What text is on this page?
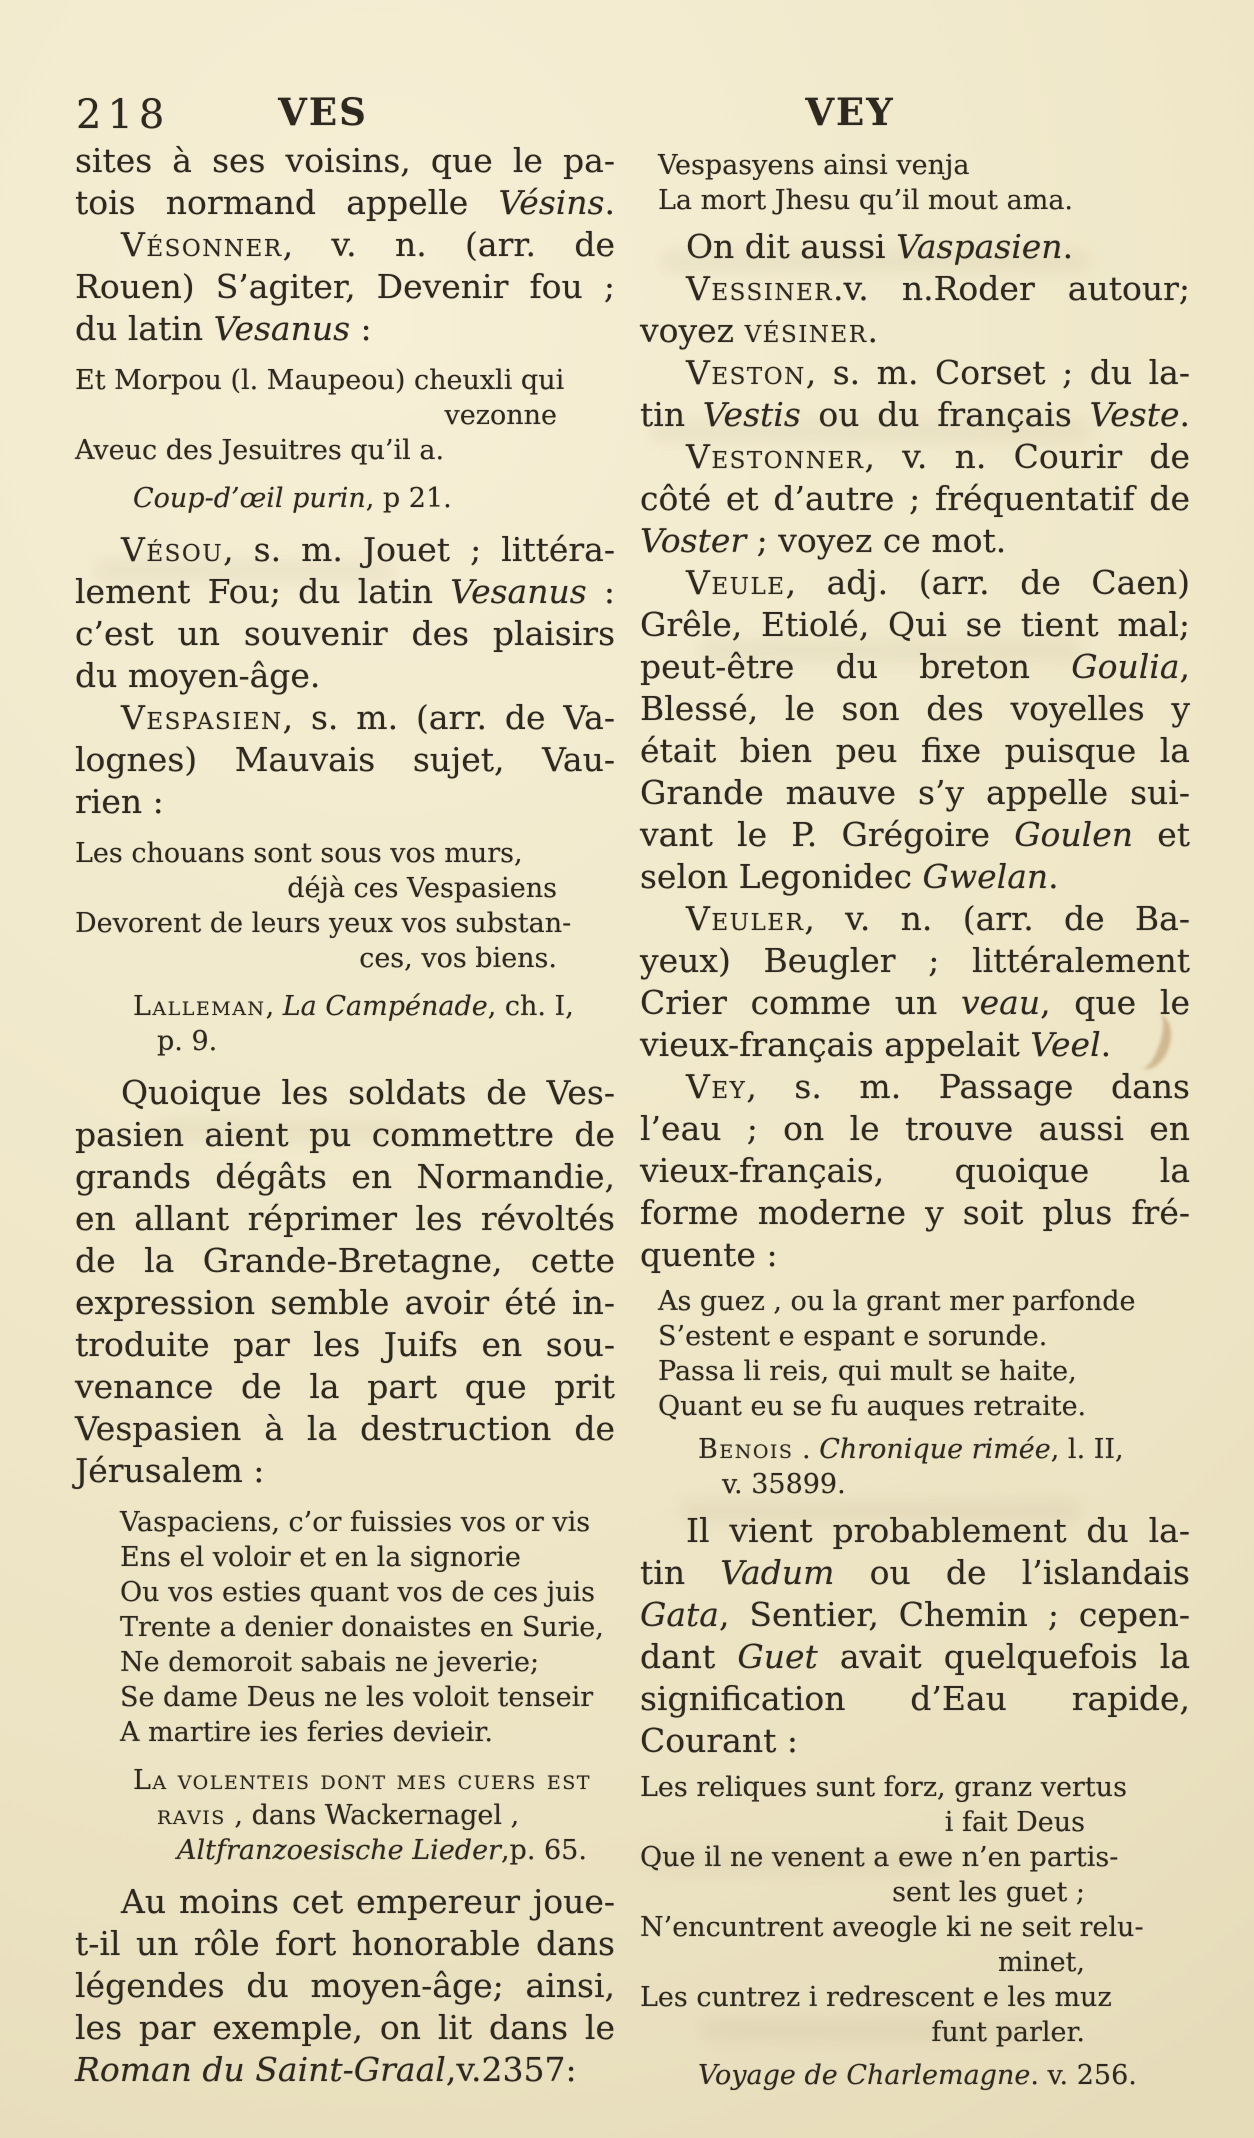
218	VES	VEY
sites à ses voisins, que le pa-
tois normand appelle Vésins.
Vésonner, v. n. (arr. de
Rouen) S’agiter, Devenir fou ;
du latin Vesanus :
Et Morpou (l. Maupeou) cheuxli qui
vezonne
Aveuc des Jesuitres qu’il a.
Coup-d’œil purin, p 21.
Vésou, s. m. Jouet ; littéra-
lement Fou; du latin Vesanus :
c’est un souvenir des plaisirs
du moyen-âge.
Vespasien, s. m. (arr. de Va-
lognes) Mauvais sujet, Vau-
rien :
Les chouans sont sous vos murs,
déjà ces Vespasiens
Devorent de leurs yeux vos substan-
ces, vos biens.
Lalleman, La Campénade, ch. I,
p. 9.
Quoique les soldats de Ves-
pasien aient pu commettre de
grands dégâts en Normandie,
en allant réprimer les révoltés
de la Grande-Bretagne, cette
expression semble avoir été in-
troduite par les Juifs en sou-
venance de la part que prit
Vespasien à la destruction de
Jérusalem :
Vaspaciens, c’or fuissies vos or vis
Ens el voloir et en la signorie
Ou vos esties quant vos de ces juis
Trente a denier donaistes en Surie,
Ne demoroit sabais ne jeverie;
Se dame Deus ne les voloit tenseir
A martire ies feries devieir.
La volenteis dont mes cuers est
ravis , dans Wackernagel ,
Altfranzoesische Lieder,p. 65.
Au moins cet empereur joue-
t-il un rôle fort honorable dans
légendes du moyen-âge; ainsi,
les par exemple, on lit dans le
Roman du Saint-Graal,v.2357:
Vespasyens ainsi venja
La mort Jhesu qu’il mout ama.
On dit aussi Vaspasien.
Vessiner.v. n.Roder autour;
voyez vésiner.
Veston, s. m. Corset ; du la-
tin Vestis ou du français Veste.
Vestonner, v. n. Courir de
côté et d’autre ; fréquentatif de
Voster ; voyez ce mot.
Veule, adj. (arr. de Caen)
Grêle, Etiolé, Qui se tient mal;
peut-être du breton Goulia,
Blessé, le son des voyelles y
était bien peu fixe puisque la
Grande mauve s’y appelle sui-
vant le P. Grégoire Goulen et
selon Legonidec Gwelan.
Veuler, v. n. (arr. de Ba-
yeux) Beugler ; littéralement
Crier comme un veau, que le
vieux-français appelait Veel.
Vey, s. m. Passage dans
l’eau ; on le trouve aussi en
vieux-français, quoique la
forme moderne y soit plus fré-
quente :
As guez , ou la grant mer parfonde
S’estent e espant e sorunde.
Passa li reis, qui mult se haite,
Quant eu se fu auques retraite.
Benois . Chronique rimée, l. II,
v. 35899.
Il vient probablement du la-
tin Vadum ou de l’islandais
Gata, Sentier, Chemin ; cepen-
dant Guet avait quelquefois la
signification d’Eau rapide,
Courant :
Les reliques sunt forz, granz vertus
i fait Deus
Que il ne venent a ewe n’en partis-
sent les guet ;
N’encuntrent aveogle ki ne seit relu-
minet,
Les cuntrez i redrescent e les muz
funt parler.
Voyage de Charlemagne. v. 256.
